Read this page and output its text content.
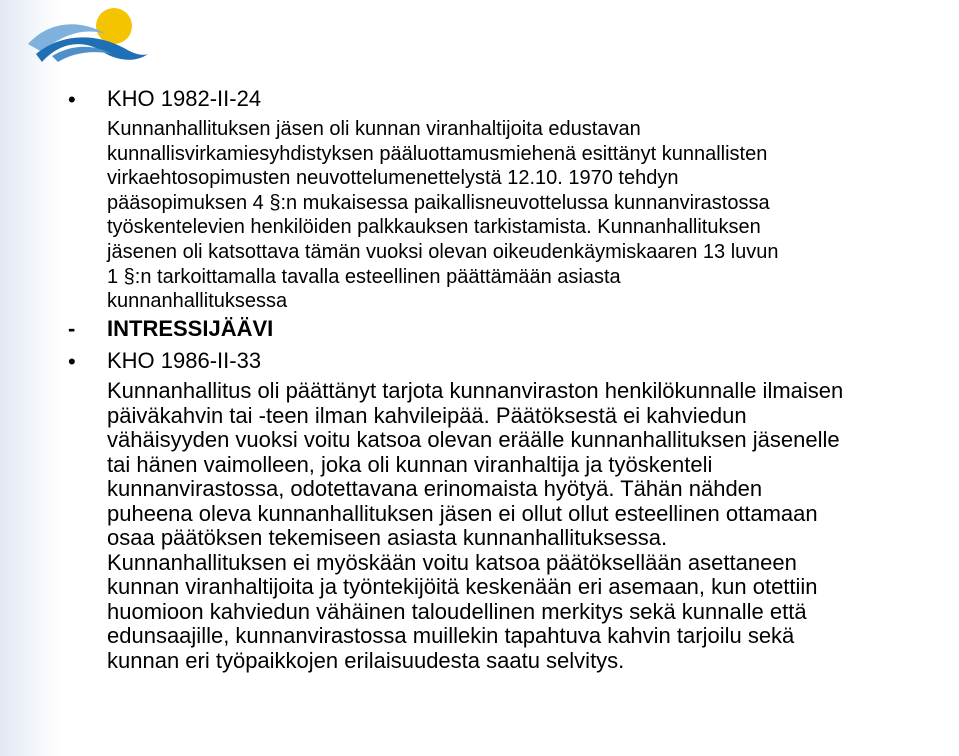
• KHO 1982-II-24
Kunnanhallituksen jäsen oli kunnan viranhaltijoita edustavan
kunnallisvirkamiesyhdistyksen pääluottamusmiehenä esittänyt kunnallisten
virkaehtosopimusten neuvottelumenettelystä 12.10. 1970 tehdyn
pääsopimuksen 4 §:n mukaisessa paikallisneuvottelussa kunnanvirastossa
työskentelevien henkilöiden palkkauksen tarkistamista. Kunnanhallituksen
jäsenen oli katsottava tämän vuoksi olevan oikeudenkäymiskaaren 13 luvun
1 §:n tarkoittamalla tavalla esteellinen päättämään asiasta
kunnanhallituksessa
- INTRESSIJÄÄVI
• KHO 1986-II-33
Kunnanhallitus oli päättänyt tarjota kunnanviraston henkilökunnalle ilmaisen
päiväkahvin tai -teen ilman kahvileipää. Päätöksestä ei kahviedun
vähäisyyden vuoksi voitu katsoa olevan eräälle kunnanhallituksen jäsenelle
tai hänen vaimolleen, joka oli kunnan viranhaltija ja työskenteli
kunnanvirastossa, odotettavana erinomaista hyötyä. Tähän nähden
puheena oleva kunnanhallituksen jäsen ei ollut ollut esteellinen ottamaan
osaa päätöksen tekemiseen asiasta kunnanhallituksessa.
Kunnanhallituksen ei myöskään voitu katsoa päätöksellään asettaneen
kunnan viranhaltijoita ja työntekijöitä keskenään eri asemaan, kun otettiin
huomioon kahviedun vähäinen taloudellinen merkitys sekä kunnalle että
edunsaajille, kunnanvirastossa muillekin tapahtuva kahvin tarjoilu sekä
kunnan eri työpaikkojen erilaisuudesta saatu selvitys.
